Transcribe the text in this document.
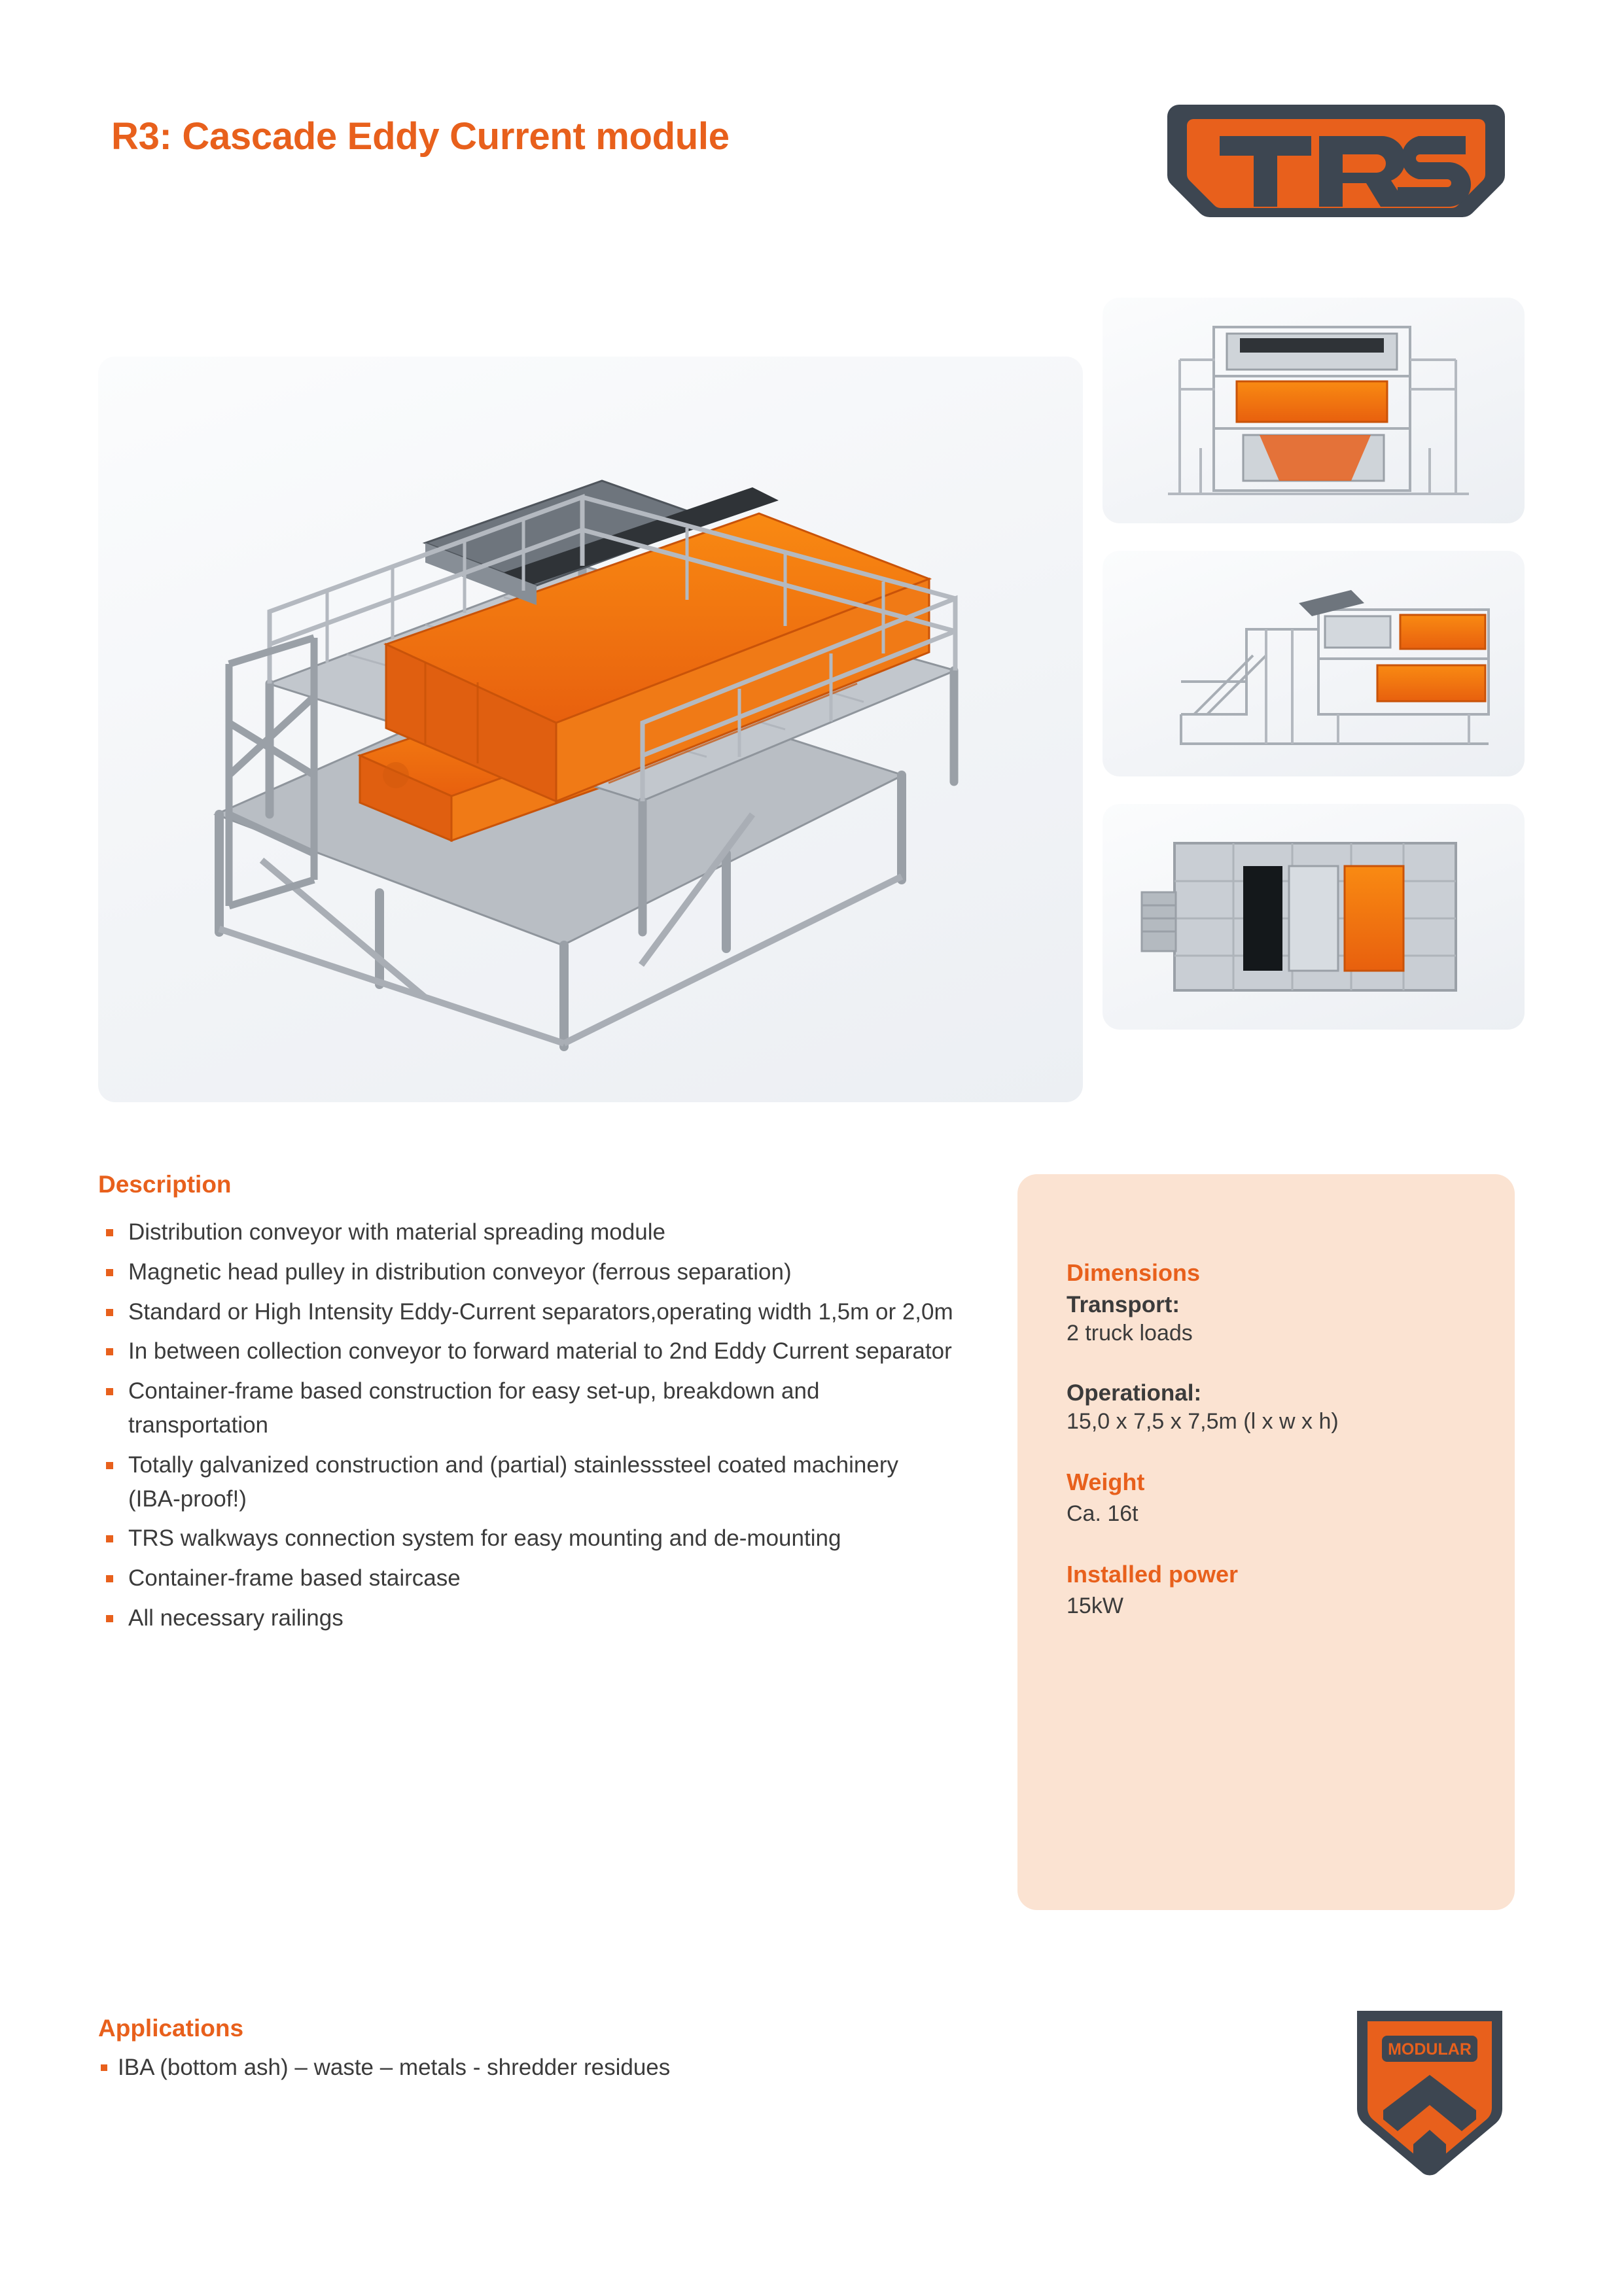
R3: Cascade Eddy Current module
Description
Distribution conveyor with material spreading module
Magnetic head pulley in distribution conveyor (ferrous separation)
Standard or High Intensity Eddy-Current separators,operating width 1,5m or 2,0m
In between collection conveyor to forward material to 2nd Eddy Current separator
Container-frame based construction for easy set-up, breakdown and transportation
Totally galvanized construction and (partial) stainlesssteel coated machinery (IBA-proof!)
TRS walkways connection system for easy mounting and de-mounting
Container-frame based staircase
All necessary railings

Dimensions

Transport:

2 truck loads

Operational:

15,0 x 7,5 x 7,5m (l x w x h)

Weight

Ca. 16t

Installed power

15kW

Applications
IBA (bottom ash) – waste – metals - shredder residues
MODULAR
